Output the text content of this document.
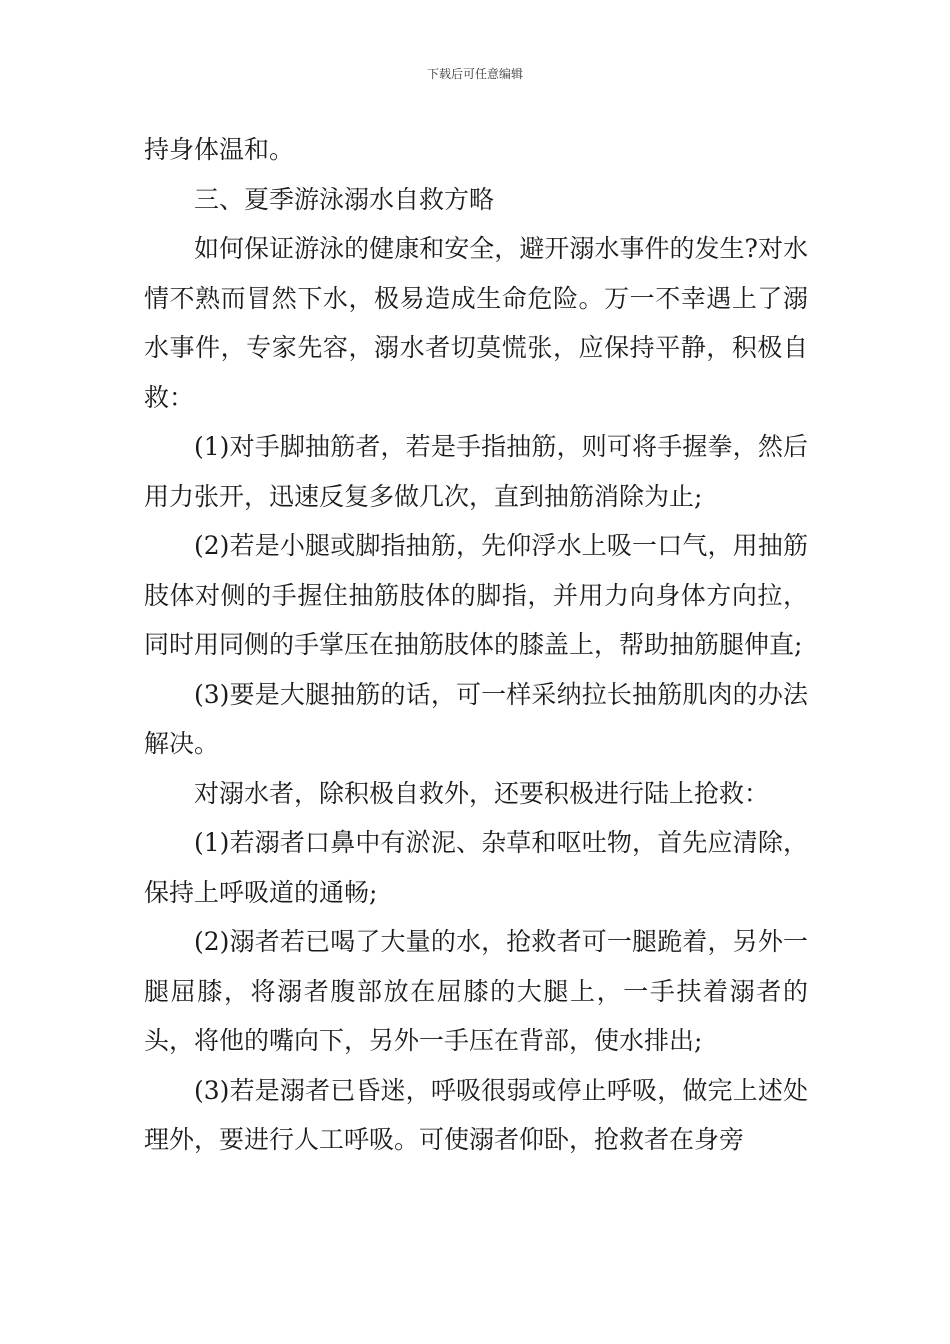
下载后可任意编辑

持身体温和。

三、夏季游泳溺水自救方略

如何保证游泳的健康和安全，避开溺水事件的发生?对水情不熟而冒然下水，极易造成生命危险。万一不幸遇上了溺水事件，专家先容，溺水者切莫慌张，应保持平静，积极自救：

(1)对手脚抽筋者，若是手指抽筋，则可将手握拳，然后用力张开，迅速反复多做几次，直到抽筋消除为止;

(2)若是小腿或脚指抽筋，先仰浮水上吸一口气，用抽筋肢体对侧的手握住抽筋肢体的脚指，并用力向身体方向拉，同时用同侧的手掌压在抽筋肢体的膝盖上，帮助抽筋腿伸直;

(3)要是大腿抽筋的话，可一样采纳拉长抽筋肌肉的办法解决。

对溺水者，除积极自救外，还要积极进行陆上抢救：

(1)若溺者口鼻中有淤泥、杂草和呕吐物，首先应清除，保持上呼吸道的通畅;

(2)溺者若已喝了大量的水，抢救者可一腿跪着，另外一腿屈膝，将溺者腹部放在屈膝的大腿上，一手扶着溺者的头，将他的嘴向下，另外一手压在背部，使水排出;

(3)若是溺者已昏迷，呼吸很弱或停止呼吸，做完上述处理外，要进行人工呼吸。可使溺者仰卧，抢救者在身旁
